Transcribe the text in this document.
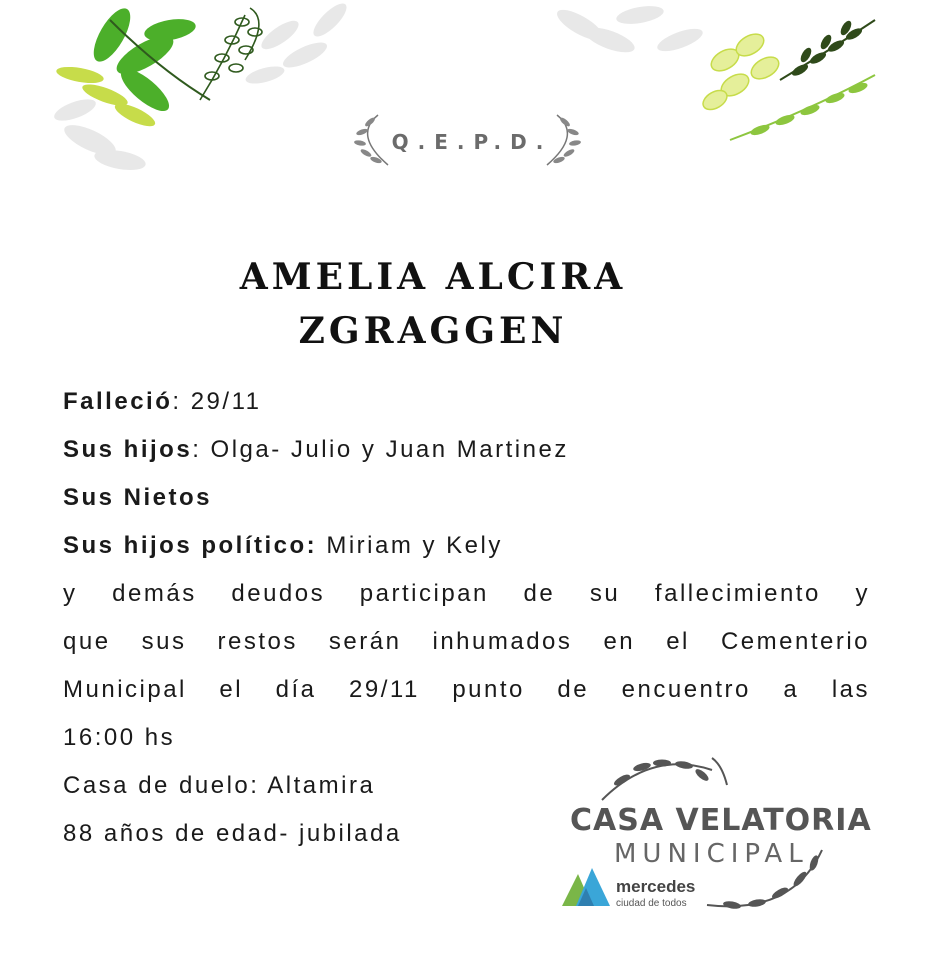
Q.E.P.D.
AMELIA ALCIRA
ZGRAGGEN
Falleció: 29/11
Sus hijos: Olga- Julio y Juan Martinez
Sus Nietos
Sus hijos político: Miriam y Kely
y demás deudos participan de su fallecimiento y
que sus restos serán inhumados en el Cementerio
Municipal el día 29/11 punto de encuentro a las
16:00 hs
Casa de duelo: Altamira
88 años de edad- jubilada	CASA VELATORIA
MUNICIPAL
mercedes
ciudad de todos
